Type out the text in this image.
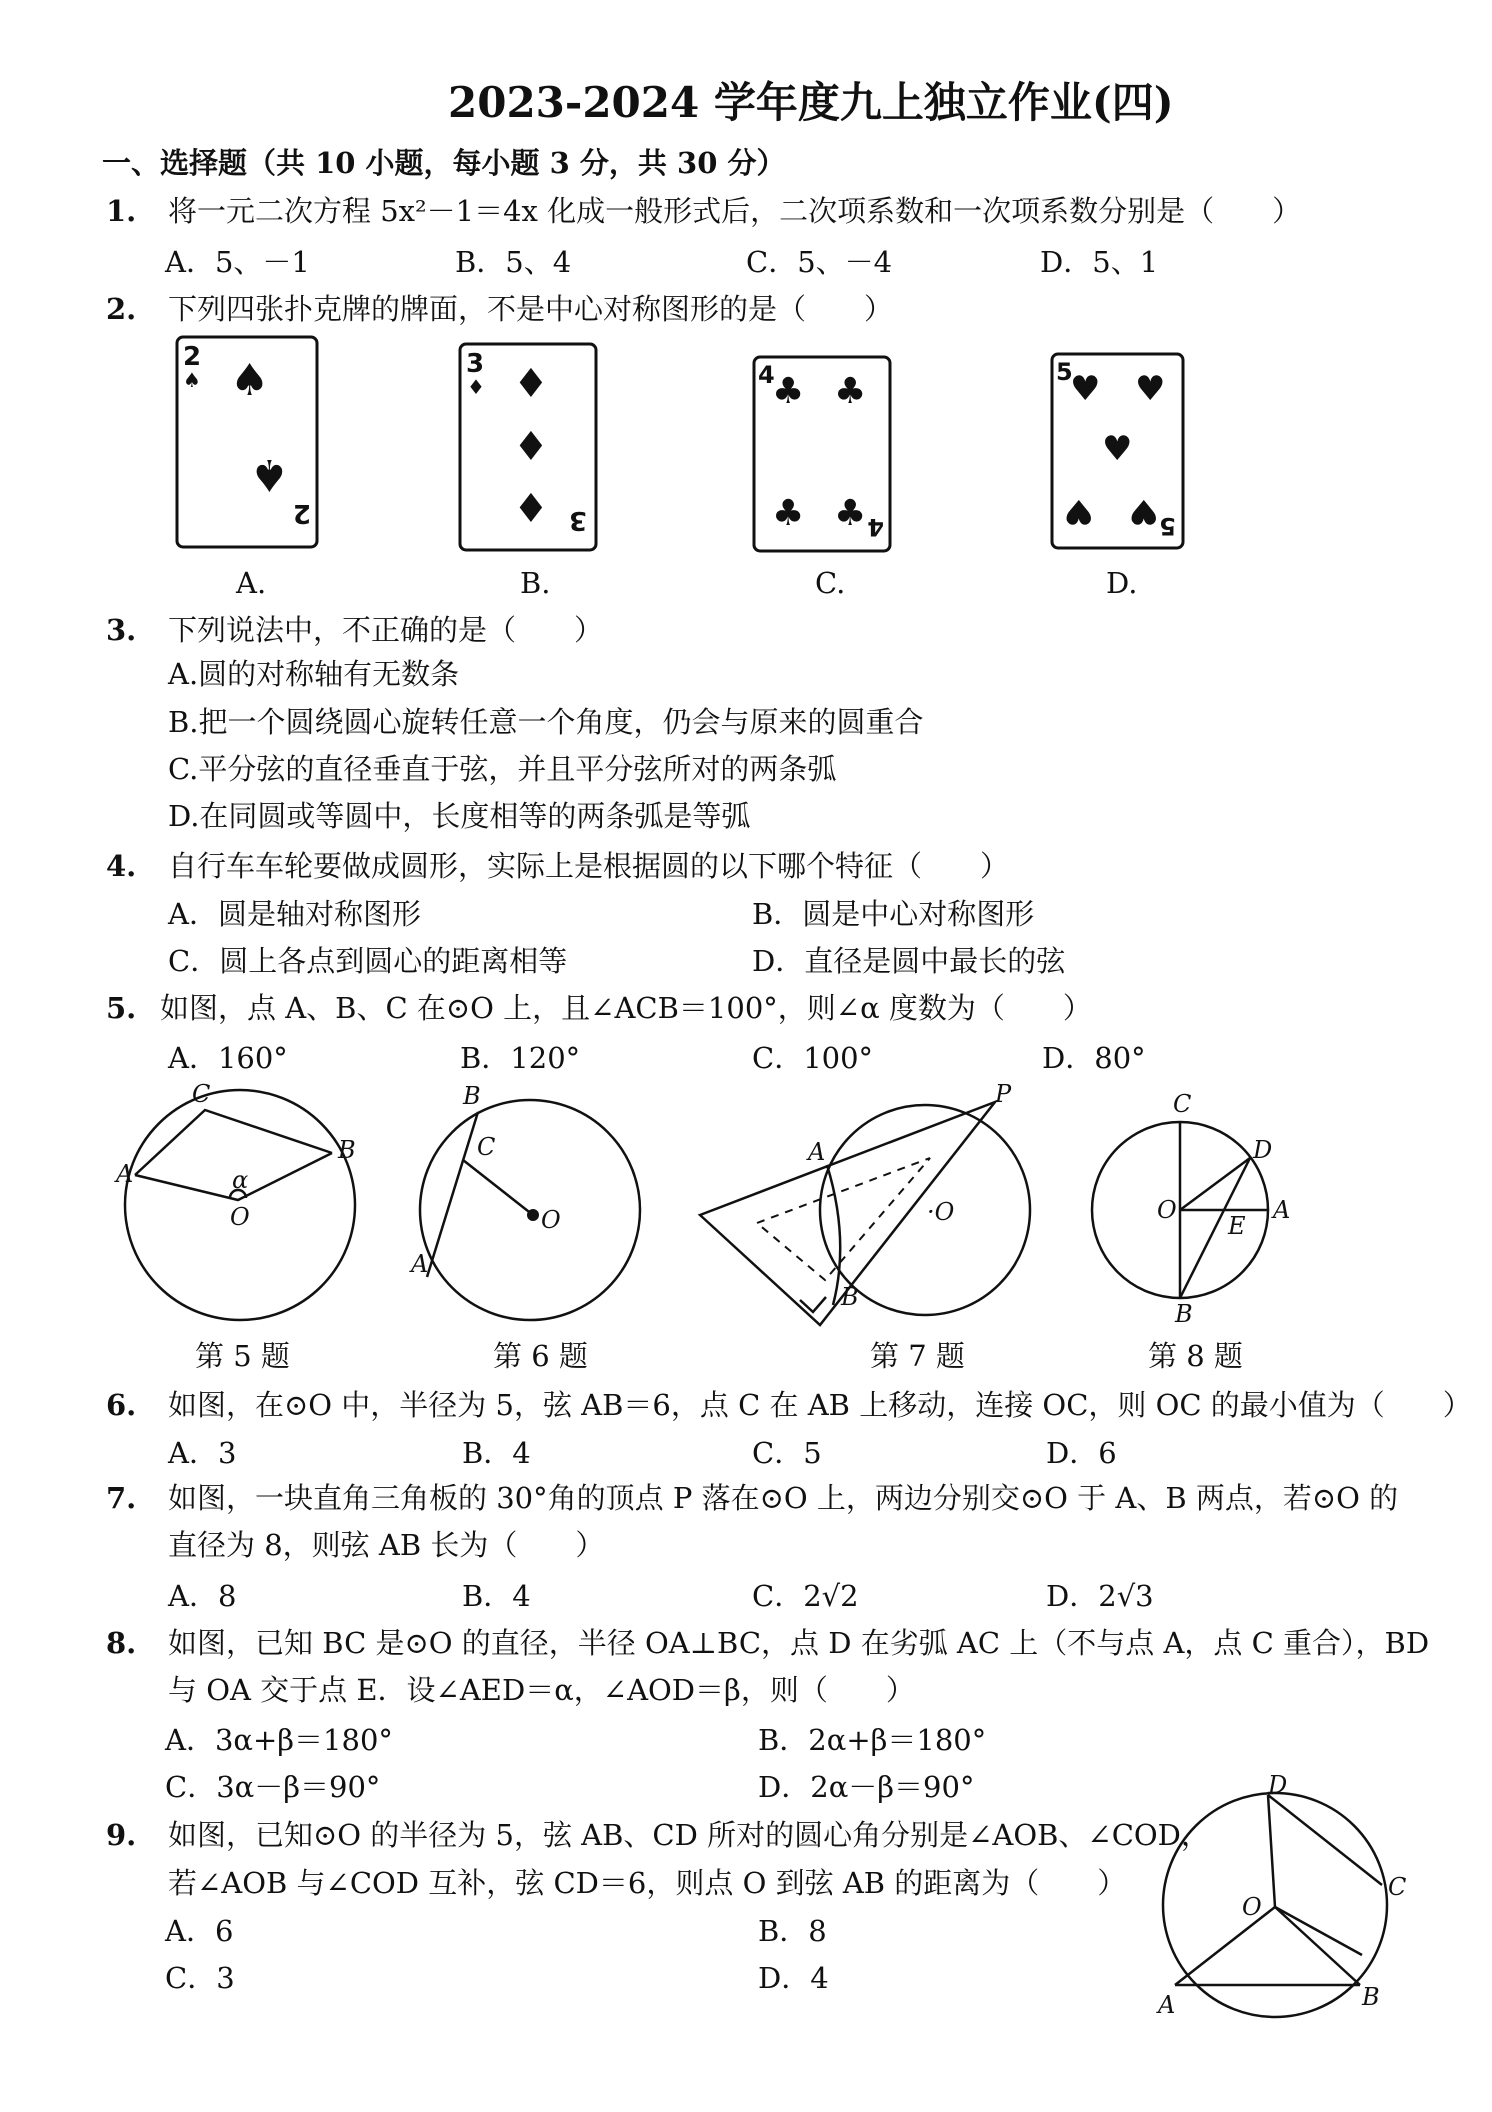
2023-2024 学年度九上独立作业(四)
一、选择题（共 10 小题，每小题 3 分，共 30 分）
1. 将一元二次方程 5x²－1＝4x 化成一般形式后，二次项系数和一次项系数分别是（　　）
A．5、－1	B．5、4	C．5、－4	D．5、1
2. 下列四张扑克牌的牌面，不是中心对称图形的是（　　）
2
♠ ♠
♠
2
A.
3
♦ ♦
♦
♦ 3
B.
4
♣ ♣
♣ ♣ 4
C.
5
♥ ♥
♥
♥ ♥ 5
D.
3. 下列说法中，不正确的是（　　）
A.圆的对称轴有无数条
B.把一个圆绕圆心旋转任意一个角度，仍会与原来的圆重合
C.平分弦的直径垂直于弦，并且平分弦所对的两条弧
D.在同圆或等圆中，长度相等的两条弧是等弧
4. 自行车车轮要做成圆形，实际上是根据圆的以下哪个特征（　　）
A．圆是轴对称图形	B．圆是中心对称图形
C．圆上各点到圆心的距离相等	D．直径是圆中最长的弦
5. 如图，点 A、B、C 在⊙O 上，且∠ACB＝100°，则∠α 度数为（　　）
A．160°	B．120°	C．100°	D．80°
C
A
B
α
O
第 5 题
B
C
A
O
第 6 题
P
A
B
·O
第 7 题
C
D
O	A
E
B
第 8 题
6. 如图，在⊙O 中，半径为 5，弦 AB＝6，点 C 在 AB 上移动，连接 OC，则 OC 的最小值为（　　）
A．3	B．4	C．5	D．6
7. 如图，一块直角三角板的 30°角的顶点 P 落在⊙O 上，两边分别交⊙O 于 A、B 两点，若⊙O 的
直径为 8，则弦 AB 长为（　　）
A．8	B．4	C．2√2	D．2√3
8. 如图，已知 BC 是⊙O 的直径，半径 OA⊥BC，点 D 在劣弧 AC 上（不与点 A，点 C 重合），BD
与 OA 交于点 E．设∠AED＝α，∠AOD＝β，则（　　）
A．3α+β＝180°	B．2α+β＝180°
C．3α－β＝90°	D．2α－β＝90°
9. 如图，已知⊙O 的半径为 5，弦 AB、CD 所对的圆心角分别是∠AOB、∠COD，
若∠AOB 与∠COD 互补，弦 CD＝6，则点 O 到弦 AB 的距离为（　　）
A．6	B．8
C．3	D．4
D
C
O
A	B
